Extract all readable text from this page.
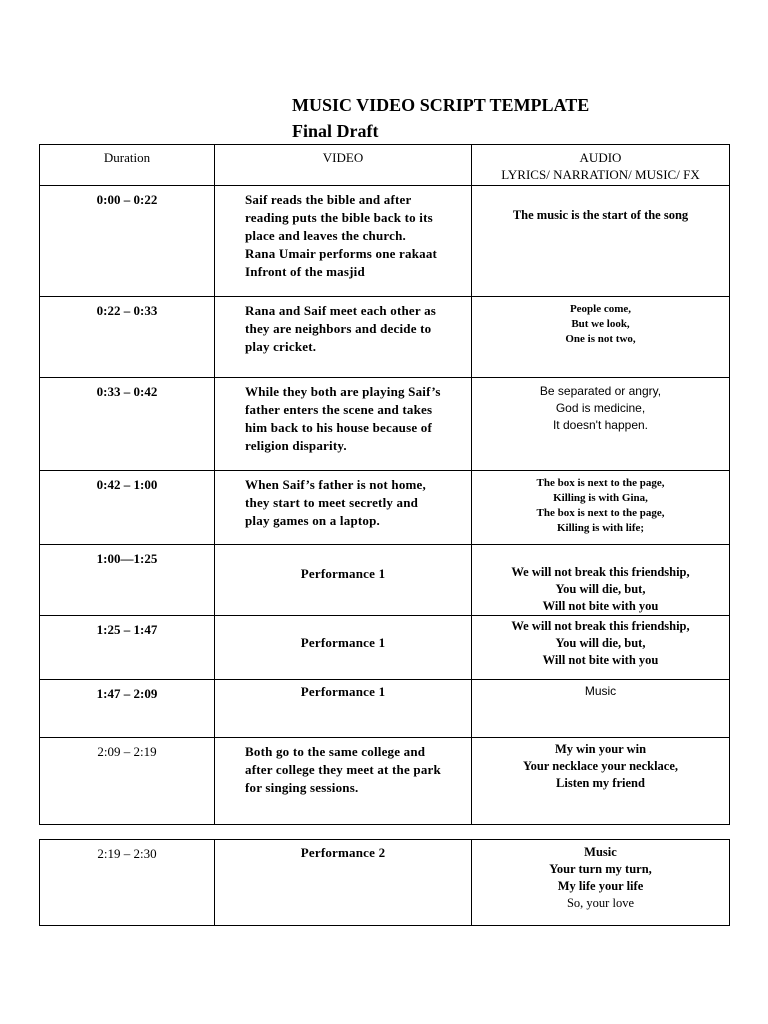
MUSIC VIDEO SCRIPT TEMPLATE
Final Draft
Duration	VIDEO	AUDIO
LYRICS/ NARRATION/ MUSIC/ FX

0:00 – 0:22	Saif reads the bible and after
reading puts the bible back to its
place and leaves the church.
Rana Umair performs one rakaat
Infront of the masjid	The music is the start of the song

0:22 – 0:33	Rana and Saif meet each other as
they are neighbors and decide to
play cricket.	People come,
But we look,
One is not two,

0:33 – 0:42	While they both are playing Saif’s
father enters the scene and takes
him back to his house because of
religion disparity.	Be separated or angry,
God is medicine,
It doesn't happen.

0:42 – 1:00	When Saif’s father is not home,
they start to meet secretly and
play games on a laptop.	The box is next to the page,
Killing is with Gina,
The box is next to the page,
Killing is with life;

1:00—1:25	Performance 1	We will not break this friendship,
You will die, but,
Will not bite with you

1:25 – 1:47	Performance 1	We will not break this friendship,
You will die, but,
Will not bite with you

1:47 – 2:09	Performance 1	Music

2:09 – 2:19	Both go to the same college and
after college they meet at the park
for singing sessions.	My win your win
Your necklace your necklace,
Listen my friend
2:19 – 2:30	Performance 2	Music
Your turn my turn,
My life your life
So, your love
